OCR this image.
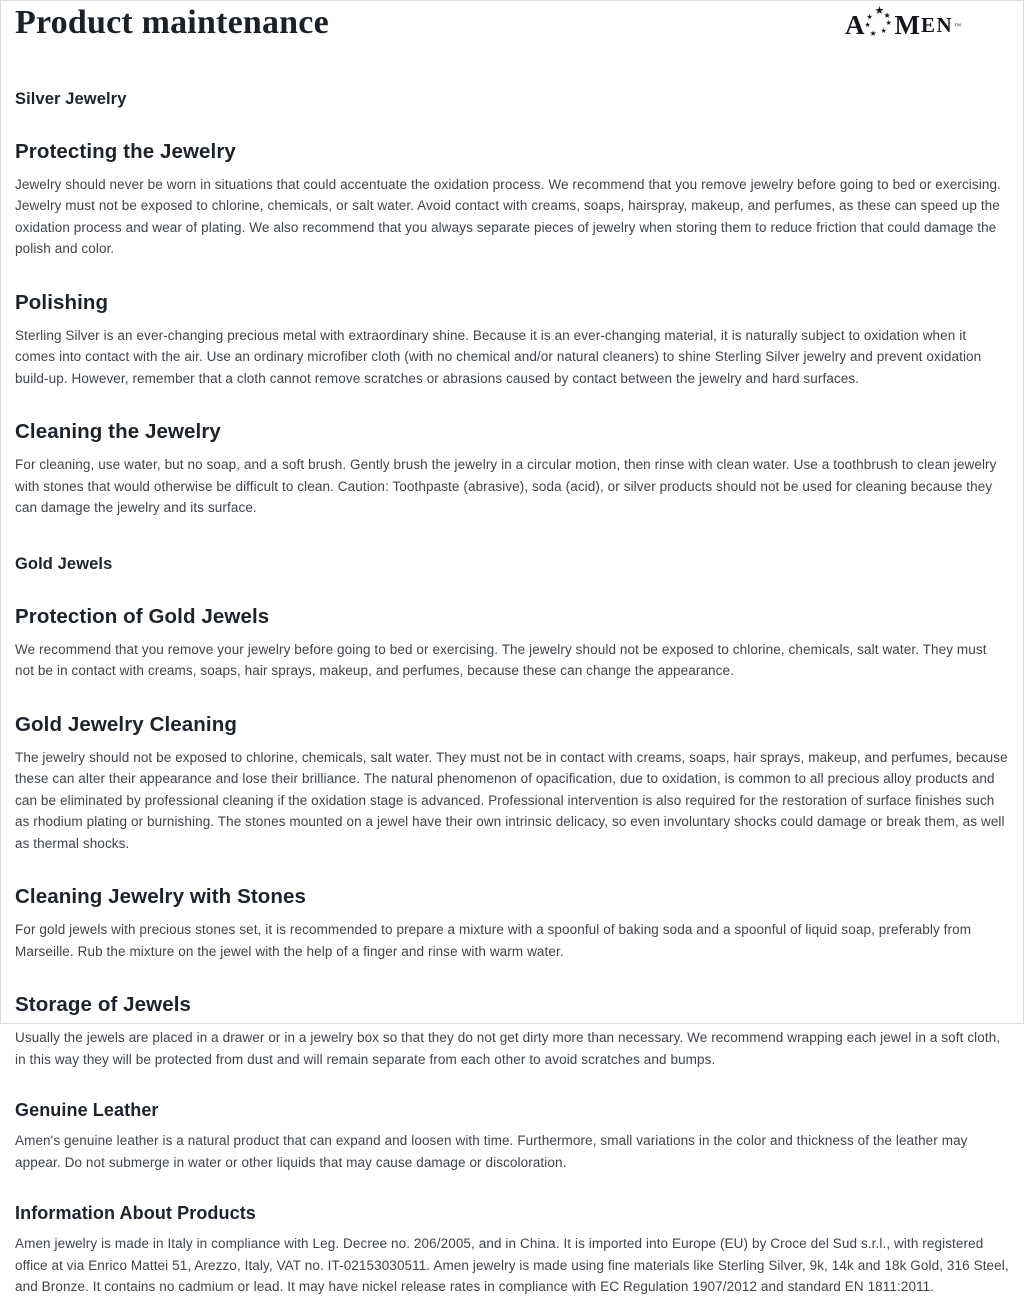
Product maintenance	A ★
★ ★
★ ★
★ ★ M EN ™
Silver Jewelry
Protecting the Jewelry

Jewelry should never be worn in situations that could accentuate the oxidation process. We recommend that you remove jewelry before going to bed or exercising. Jewelry must not be exposed to chlorine, chemicals, or salt water. Avoid contact with creams, soaps, hairspray, makeup, and perfumes, as these can speed up the oxidation process and wear of plating. We also recommend that you always separate pieces of jewelry when storing them to reduce friction that could damage the polish and color.

Polishing

Sterling Silver is an ever-changing precious metal with extraordinary shine. Because it is an ever-changing material, it is naturally subject to oxidation when it comes into contact with the air. Use an ordinary microfiber cloth (with no chemical and/or natural cleaners) to shine Sterling Silver jewelry and prevent oxidation build-up. However, remember that a cloth cannot remove scratches or abrasions caused by contact between the jewelry and hard surfaces.

Cleaning the Jewelry

For cleaning, use water, but no soap, and a soft brush. Gently brush the jewelry in a circular motion, then rinse with clean water. Use a toothbrush to clean jewelry with stones that would otherwise be difficult to clean. Caution: Toothpaste (abrasive), soda (acid), or silver products should not be used for cleaning because they can damage the jewelry and its surface.

Gold Jewels
Protection of Gold Jewels

We recommend that you remove your jewelry before going to bed or exercising. The jewelry should not be exposed to chlorine, chemicals, salt water. They must not be in contact with creams, soaps, hair sprays, makeup, and perfumes, because these can change the appearance.

Gold Jewelry Cleaning

The jewelry should not be exposed to chlorine, chemicals, salt water. They must not be in contact with creams, soaps, hair sprays, makeup, and perfumes, because these can alter their appearance and lose their brilliance. The natural phenomenon of opacification, due to oxidation, is common to all precious alloy products and can be eliminated by professional cleaning if the oxidation stage is advanced. Professional intervention is also required for the restoration of surface finishes such as rhodium plating or burnishing. The stones mounted on a jewel have their own intrinsic delicacy, so even involuntary shocks could damage or break them, as well as thermal shocks.

Cleaning Jewelry with Stones

For gold jewels with precious stones set, it is recommended to prepare a mixture with a spoonful of baking soda and a spoonful of liquid soap, preferably from Marseille. Rub the mixture on the jewel with the help of a finger and rinse with warm water.

Storage of Jewels

Usually the jewels are placed in a drawer or in a jewelry box so that they do not get dirty more than necessary. We recommend wrapping each jewel in a soft cloth, in this way they will be protected from dust and will remain separate from each other to avoid scratches and bumps.

Genuine Leather

Amen's genuine leather is a natural product that can expand and loosen with time. Furthermore, small variations in the color and thickness of the leather may appear. Do not submerge in water or other liquids that may cause damage or discoloration.

Information About Products

Amen jewelry is made in Italy in compliance with Leg. Decree no. 206/2005, and in China. It is imported into Europe (EU) by Croce del Sud s.r.l., with registered office at via Enrico Mattei 51, Arezzo, Italy, VAT no. IT-02153030511. Amen jewelry is made using fine materials like Sterling Silver, 9k, 14k and 18k Gold, 316 Steel, and Bronze. It contains no cadmium or lead. It may have nickel release rates in compliance with EC Regulation 1907/2012 and standard EN 1811:2011.
